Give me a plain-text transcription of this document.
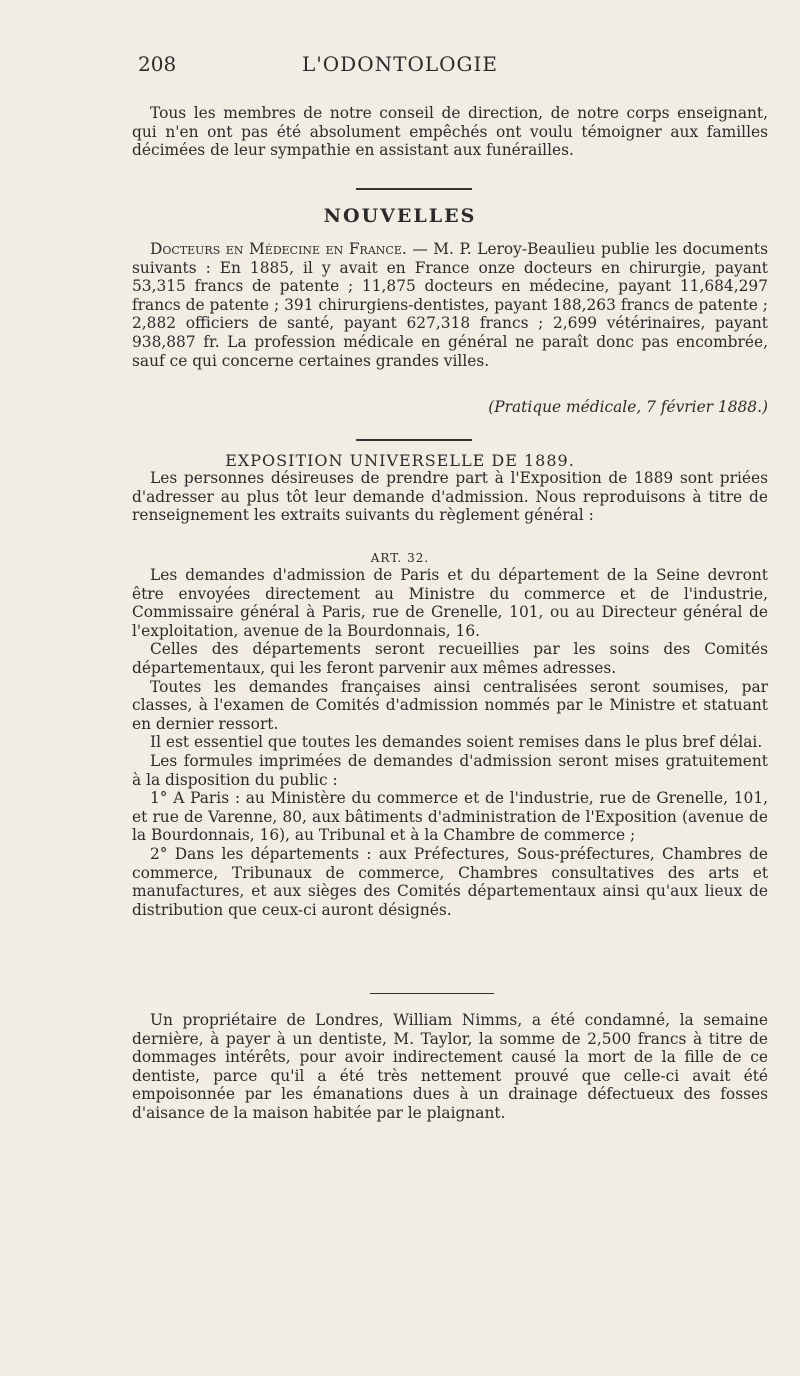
208	L'ODONTOLOGIE

Tous les membres de notre conseil de direction, de notre corps enseignant, qui n'en ont pas été absolument empêchés ont voulu témoigner aux familles décimées de leur sympathie en assistant aux funérailles.

NOUVELLES

Docteurs en Médecine en France. — M. P. Leroy-Beaulieu publie les documents suivants : En 1885, il y avait en France onze docteurs en chirurgie, payant 53,315 francs de patente ; 11,875 docteurs en médecine, payant 11,684,297 francs de patente ; 391 chirurgiens-dentistes, payant 188,263 francs de patente ; 2,882 officiers de santé, payant 627,318 francs ; 2,699 vétérinaires, payant 938,887 fr. La profession médicale en général ne paraît donc pas encombrée, sauf ce qui concerne certaines grandes villes.

(Pratique médicale, 7 février 1888.)
EXPOSITION UNIVERSELLE DE 1889.

Les personnes désireuses de prendre part à l'Exposition de 1889 sont priées d'adresser au plus tôt leur demande d'admission. Nous reproduisons à titre de renseignement les extraits suivants du règlement général :

ART. 32.

Les demandes d'admission de Paris et du département de la Seine devront être envoyées directement au Ministre du commerce et de l'industrie, Commissaire général à Paris, rue de Grenelle, 101, ou au Directeur général de l'exploitation, avenue de la Bourdonnais, 16.

Celles des départements seront recueillies par les soins des Comités départementaux, qui les feront parvenir aux mêmes adresses.

Toutes les demandes françaises ainsi centralisées seront soumises, par classes, à l'examen de Comités d'admission nommés par le Ministre et statuant en dernier ressort.

Il est essentiel que toutes les demandes soient remises dans le plus bref délai.

Les formules imprimées de demandes d'admission seront mises gratuitement à la disposition du public :

1° A Paris : au Ministère du commerce et de l'industrie, rue de Grenelle, 101, et rue de Varenne, 80, aux bâtiments d'administration de l'Exposition (avenue de la Bourdonnais, 16), au Tribunal et à la Chambre de commerce ;

2° Dans les départements : aux Préfectures, Sous-préfectures, Chambres de commerce, Tribunaux de commerce, Chambres consultatives des arts et manufactures, et aux sièges des Comités départementaux ainsi qu'aux lieux de distribution que ceux-ci auront désignés.

Un propriétaire de Londres, William Nimms, a été condamné, la semaine dernière, à payer à un dentiste, M. Taylor, la somme de 2,500 francs à titre de dommages intérêts, pour avoir indirectement causé la mort de la fille de ce dentiste, parce qu'il a été très nettement prouvé que celle-ci avait été empoisonnée par les émanations dues à un drainage défectueux des fosses d'aisance de la maison habitée par le plaignant.
